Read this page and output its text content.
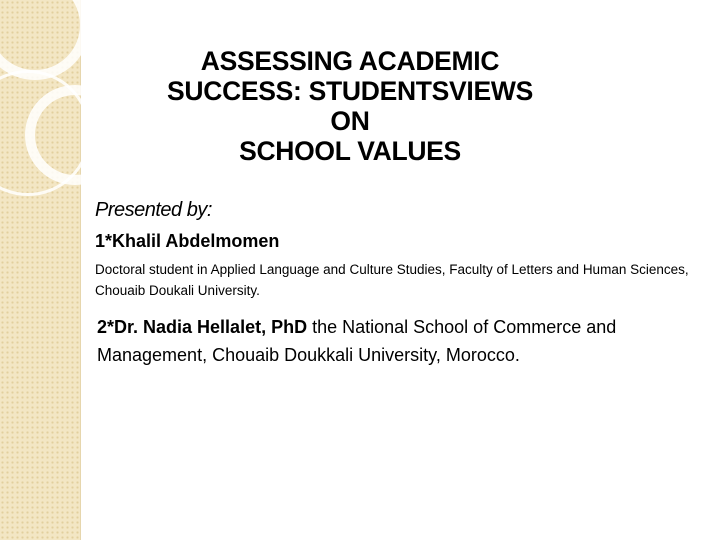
ASSESSING ACADEMIC
SUCCESS: STUDENTSVIEWS
ON
SCHOOL VALUES
Presented by:
1*Khalil Abdelmomen
Doctoral student in Applied Language and Culture Studies, Faculty of Letters and Human Sciences, Chouaib Doukali University.
2*Dr. Nadia Hellalet, PhD the National School of Commerce and Management, Chouaib Doukkali University, Morocco.
